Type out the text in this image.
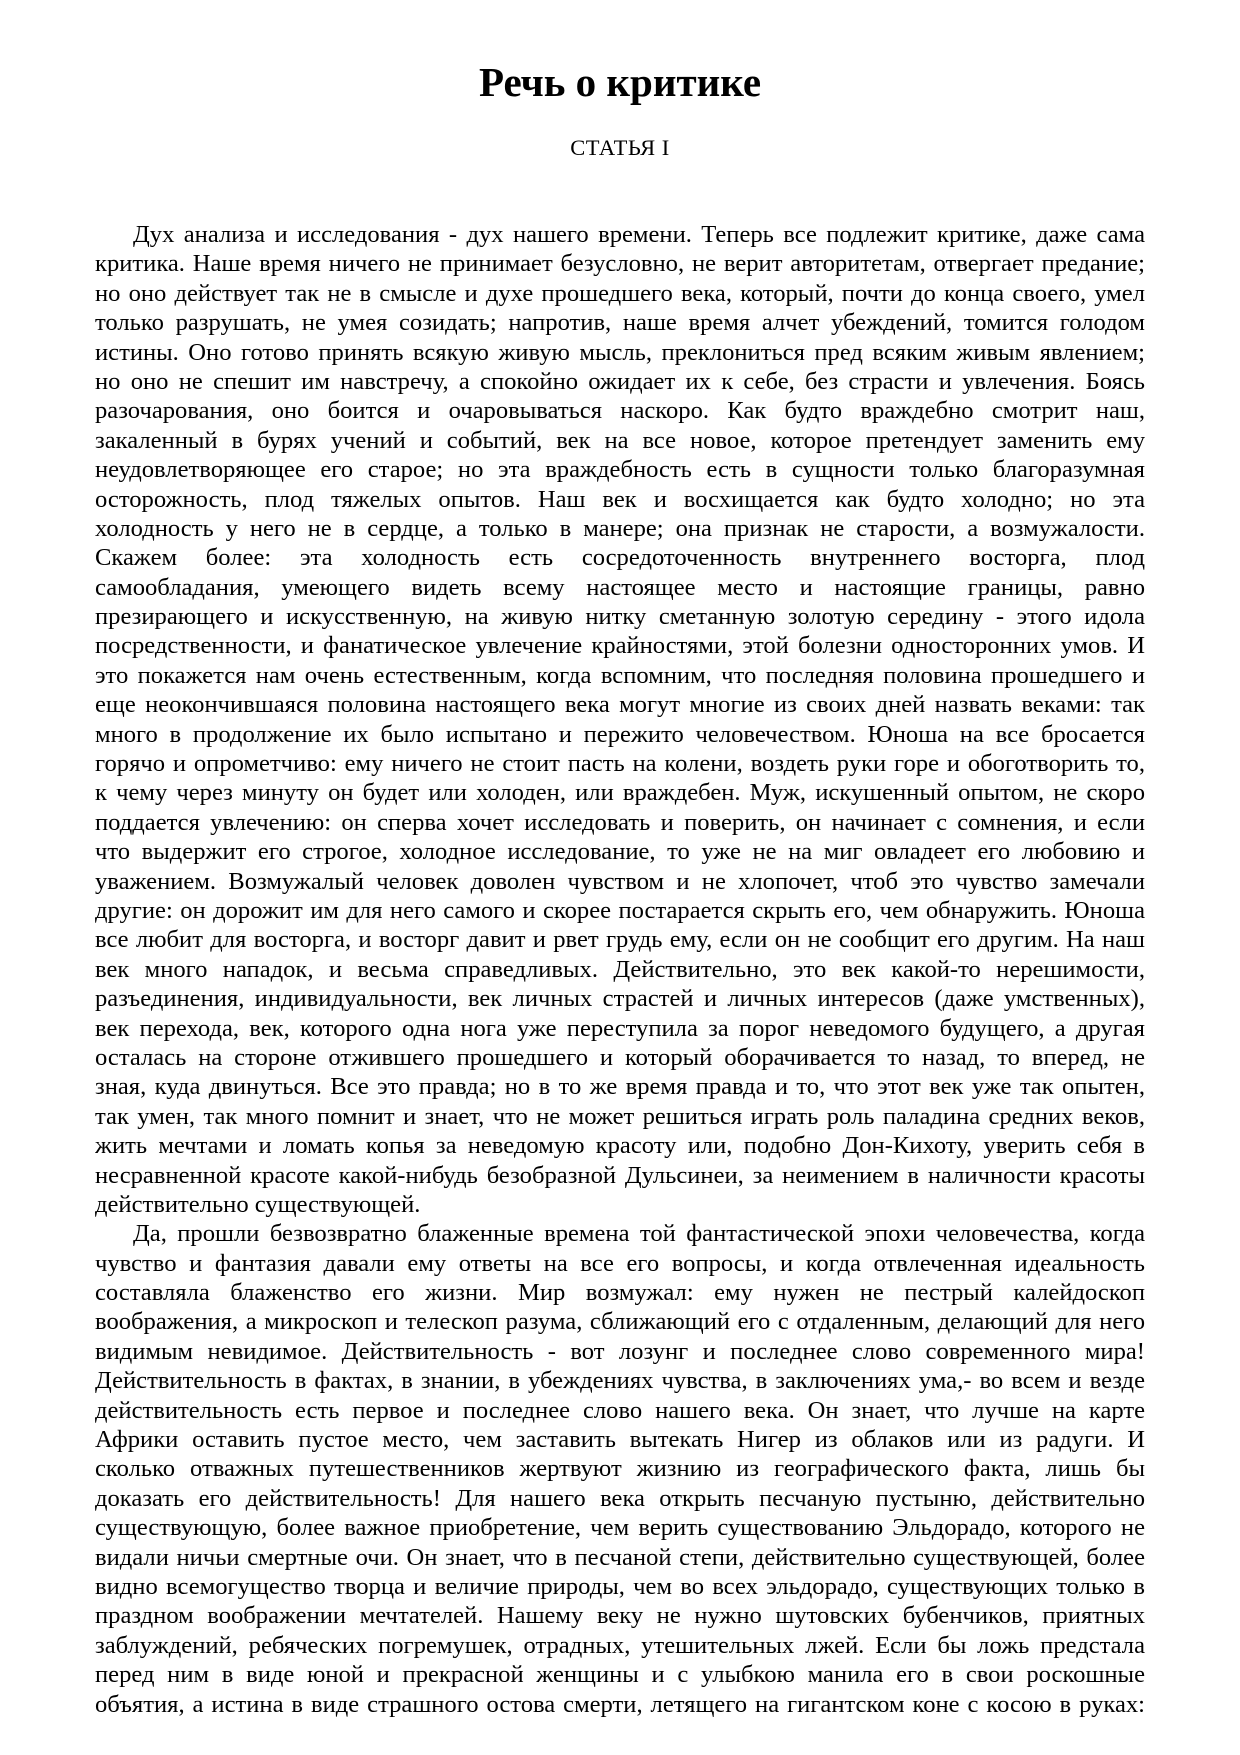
Речь о критике
СТАТЬЯ I
Дух анализа и исследования - дух нашего времени. Теперь все подлежит критике, даже сама
критика. Наше время ничего не принимает безусловно, не верит авторитетам, отвергает предание;
но оно действует так не в смысле и духе прошедшего века, который, почти до конца своего, умел
только разрушать, не умея созидать; напротив, наше время алчет убеждений, томится голодом
истины. Оно готово принять всякую живую мысль, преклониться пред всяким живым явлением;
но оно не спешит им навстречу, а спокойно ожидает их к себе, без страсти и увлечения. Боясь
разочарования, оно боится и очаровываться наскоро. Как будто враждебно смотрит наш,
закаленный в бурях учений и событий, век на все новое, которое претендует заменить ему
неудовлетворяющее его старое; но эта враждебность есть в сущности только благоразумная
осторожность, плод тяжелых опытов. Наш век и восхищается как будто холодно; но эта
холодность у него не в сердце, а только в манере; она признак не старости, а возмужалости.
Скажем более: эта холодность есть сосредоточенность внутреннего восторга, плод
самообладания, умеющего видеть всему настоящее место и настоящие границы, равно
презирающего и искусственную, на живую нитку сметанную золотую середину - этого идола
посредственности, и фанатическое увлечение крайностями, этой болезни односторонних умов. И
это покажется нам очень естественным, когда вспомним, что последняя половина прошедшего и
еще неокончившаяся половина настоящего века могут многие из своих дней назвать веками: так
много в продолжение их было испытано и пережито человечеством. Юноша на все бросается
горячо и опрометчиво: ему ничего не стоит пасть на колени, воздеть руки горе и обоготворить то,
к чему через минуту он будет или холоден, или враждебен. Муж, искушенный опытом, не скоро
поддается увлечению: он сперва хочет исследовать и поверить, он начинает с сомнения, и если
что выдержит его строгое, холодное исследование, то уже не на миг овладеет его любовию и
уважением. Возмужалый человек доволен чувством и не хлопочет, чтоб это чувство замечали
другие: он дорожит им для него самого и скорее постарается скрыть его, чем обнаружить. Юноша
все любит для восторга, и восторг давит и рвет грудь ему, если он не сообщит его другим. На наш
век много нападок, и весьма справедливых. Действительно, это век какой-то нерешимости,
разъединения, индивидуальности, век личных страстей и личных интересов (даже умственных),
век перехода, век, которого одна нога уже переступила за порог неведомого будущего, а другая
осталась на стороне отжившего прошедшего и который оборачивается то назад, то вперед, не
зная, куда двинуться. Все это правда; но в то же время правда и то, что этот век уже так опытен,
так умен, так много помнит и знает, что не может решиться играть роль паладина средних веков,
жить мечтами и ломать копья за неведомую красоту или, подобно Дон-Кихоту, уверить себя в
несравненной красоте какой-нибудь безобразной Дульсинеи, за неимением в наличности красоты
действительно существующей.
Да, прошли безвозвратно блаженные времена той фантастической эпохи человечества, когда
чувство и фантазия давали ему ответы на все его вопросы, и когда отвлеченная идеальность
составляла блаженство его жизни. Мир возмужал: ему нужен не пестрый калейдоскоп
воображения, а микроскоп и телескоп разума, сближающий его с отдаленным, делающий для него
видимым невидимое. Действительность - вот лозунг и последнее слово современного мира!
Действительность в фактах, в знании, в убеждениях чувства, в заключениях ума,- во всем и везде
действительность есть первое и последнее слово нашего века. Он знает, что лучше на карте
Африки оставить пустое место, чем заставить вытекать Нигер из облаков или из радуги. И
сколько отважных путешественников жертвуют жизнию из географического факта, лишь бы
доказать его действительность! Для нашего века открыть песчаную пустыню, действительно
существующую, более важное приобретение, чем верить существованию Эльдорадо, которого не
видали ничьи смертные очи. Он знает, что в песчаной степи, действительно существующей, более
видно всемогущество творца и величие природы, чем во всех эльдорадо, существующих только в
праздном воображении мечтателей. Нашему веку не нужно шутовских бубенчиков, приятных
заблуждений, ребяческих погремушек, отрадных, утешительных лжей. Если бы ложь предстала
перед ним в виде юной и прекрасной женщины и с улыбкою манила его в свои роскошные
объятия, а истина в виде страшного остова смерти, летящего на гигантском коне с косою в руках:
